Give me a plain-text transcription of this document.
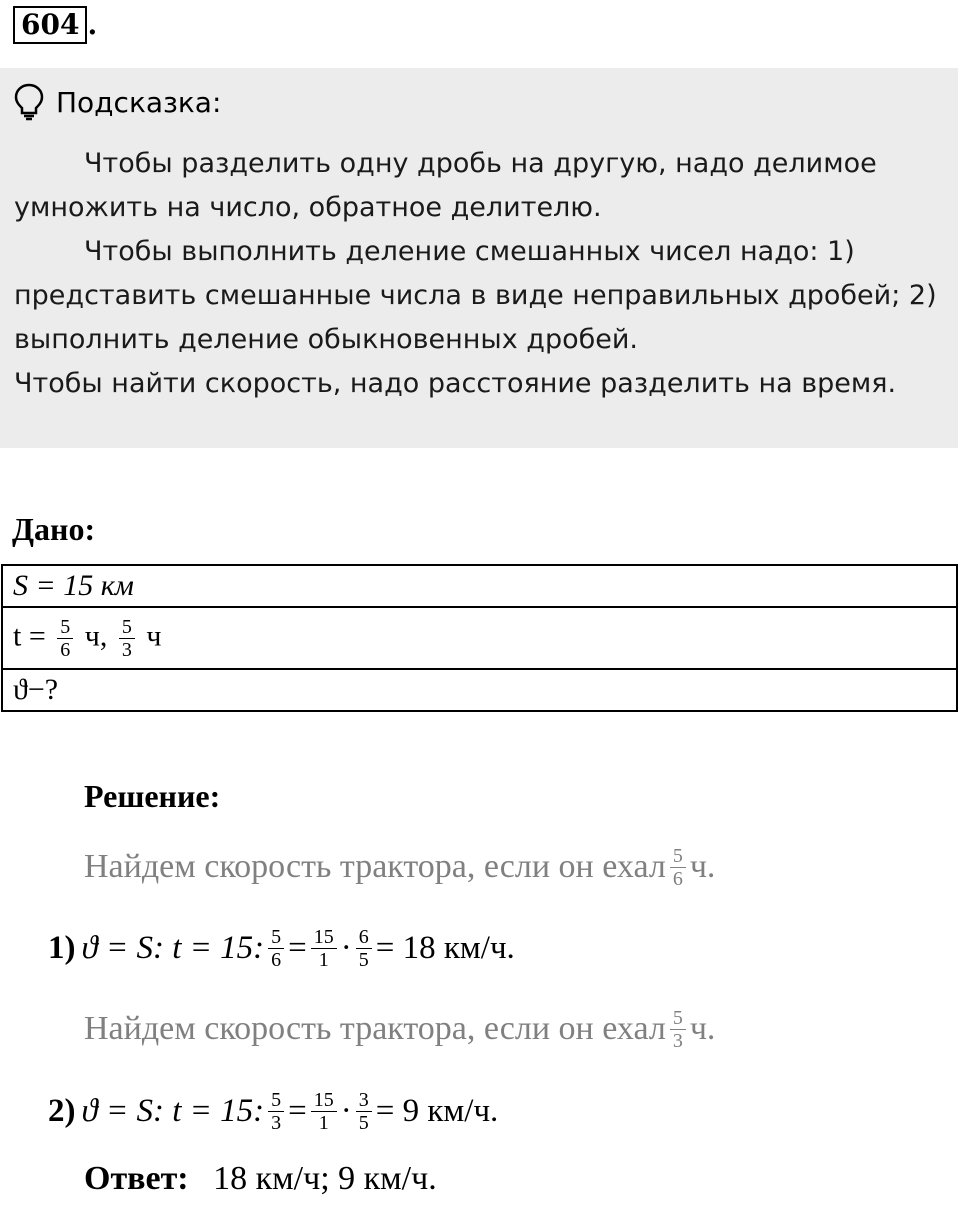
604 .
Подсказка:

Чтобы разделить одну дробь на другую, надо делимое умножить на число, обратное делителю.

Чтобы выполнить деление смешанных чисел надо: 1) представить смешанные числа в виде неправильных дробей; 2) выполнить деление обыкновенных дробей.

Чтобы найти скорость, надо расстояние разделить на время.

Дано:
S = 15 км
$t = \frac{5}{6} ч$, $\frac{5}{3}$ ч
ϑ−?
Решение:
Найдем скорость трактора, если он ехал $\frac{5}{6} ч$.
1) ϑ = S: t = 15: $\frac{5}{6} = \frac{15}{1} \cdot \frac{6}{5} = 18$ км/ч.
Найдем скорость трактора, если он ехал $\frac{5}{3} ч$.
2) ϑ = S: t = 15: $\frac{5}{3} = \frac{15}{1} \cdot \frac{3}{5} = 9$ км/ч.
Ответ: 18 км/ч; 9 км/ч.
